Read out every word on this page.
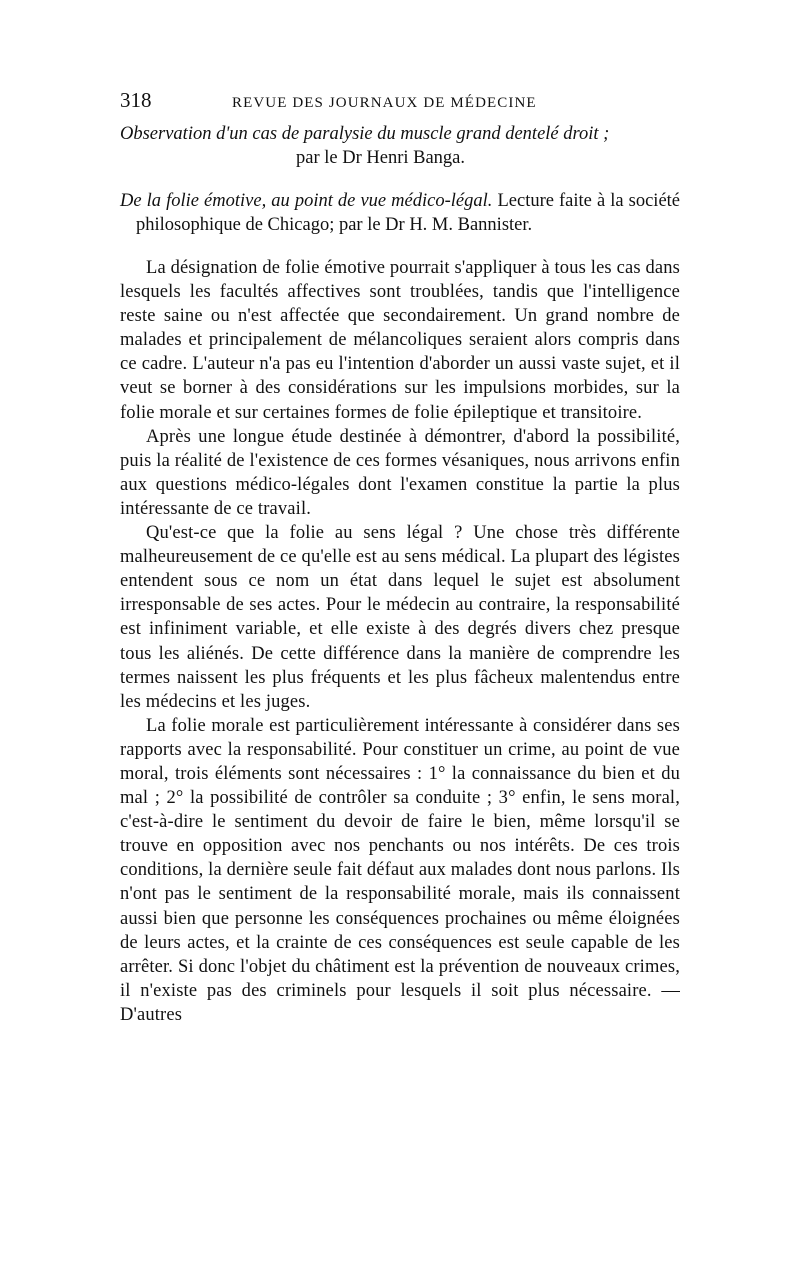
318	REVUE DES JOURNAUX DE MÉDECINE

Observation d'un cas de paralysie du muscle grand dentelé droit ;
par le Dr Henri Banga.

De la folie émotive, au point de vue médico-légal. Lecture faite à la société philosophique de Chicago; par le Dr H. M. Bannister.

La désignation de folie émotive pourrait s'appliquer à tous les cas dans lesquels les facultés affectives sont troublées, tandis que l'intelligence reste saine ou n'est affectée que secondairement. Un grand nombre de malades et principalement de mélancoliques seraient alors compris dans ce cadre. L'auteur n'a pas eu l'intention d'aborder un aussi vaste sujet, et il veut se borner à des considérations sur les impulsions morbides, sur la folie morale et sur certaines formes de folie épileptique et transitoire.

Après une longue étude destinée à démontrer, d'abord la possibilité, puis la réalité de l'existence de ces formes vésaniques, nous arrivons enfin aux questions médico-légales dont l'examen constitue la partie la plus intéressante de ce travail.

Qu'est-ce que la folie au sens légal ? Une chose très différente malheureusement de ce qu'elle est au sens médical. La plupart des légistes entendent sous ce nom un état dans lequel le sujet est absolument irresponsable de ses actes. Pour le médecin au contraire, la responsabilité est infiniment variable, et elle existe à des degrés divers chez presque tous les aliénés. De cette différence dans la manière de comprendre les termes naissent les plus fréquents et les plus fâcheux malentendus entre les médecins et les juges.

La folie morale est particulièrement intéressante à considérer dans ses rapports avec la responsabilité. Pour constituer un crime, au point de vue moral, trois éléments sont nécessaires : 1° la connaissance du bien et du mal ; 2° la possibilité de contrôler sa conduite ; 3° enfin, le sens moral, c'est-à-dire le sentiment du devoir de faire le bien, même lorsqu'il se trouve en opposition avec nos penchants ou nos intérêts. De ces trois conditions, la dernière seule fait défaut aux malades dont nous parlons. Ils n'ont pas le sentiment de la responsabilité morale, mais ils connaissent aussi bien que personne les conséquences prochaines ou même éloignées de leurs actes, et la crainte de ces conséquences est seule capable de les arrêter. Si donc l'objet du châtiment est la prévention de nouveaux crimes, il n'existe pas des criminels pour lesquels il soit plus nécessaire. — D'autres
